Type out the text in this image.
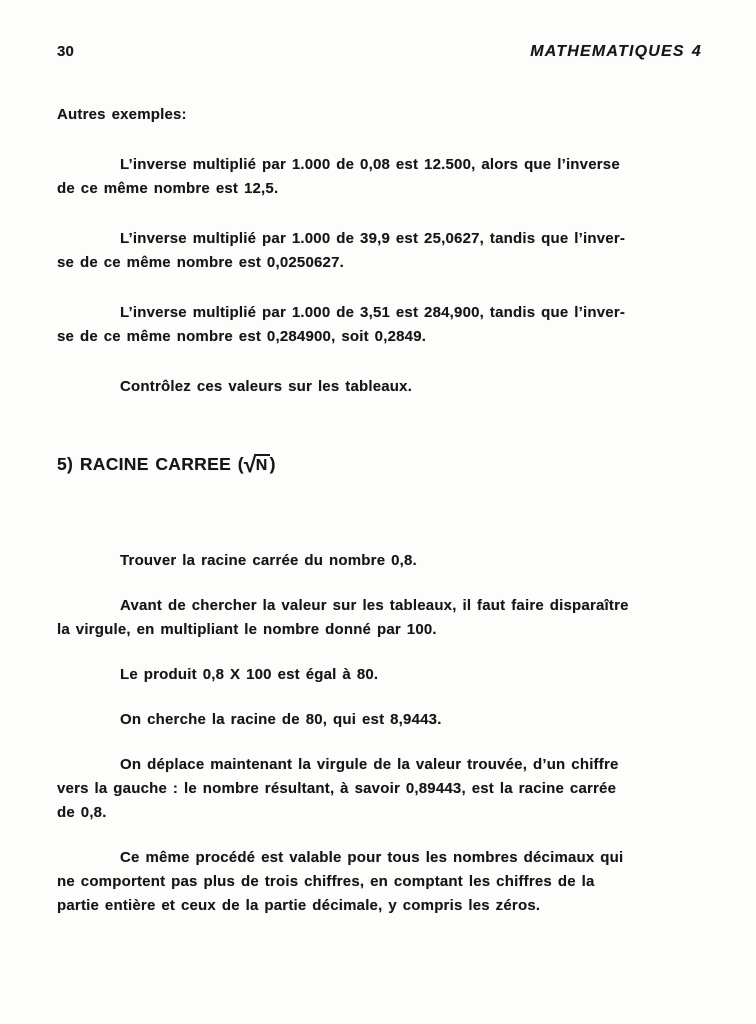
30	MATHEMATIQUES 4

Autres exemples:

L’inverse multiplié par 1.000 de 0,08 est 12.500, alors que l’inverse
de ce même nombre est 12,5.
L’inverse multiplié par 1.000 de 39,9 est 25,0627, tandis que l’inver-
se de ce même nombre est 0,0250627.
L’inverse multiplié par 1.000 de 3,51 est 284,900, tandis que l’inver-
se de ce même nombre est 0,284900, soit 0,2849.
Contrôlez ces valeurs sur les tableaux.
5) RACINE CARREE ( √ N )
Trouver la racine carrée du nombre 0,8.
Avant de chercher la valeur sur les tableaux, il faut faire disparaître
la virgule, en multipliant le nombre donné par 100.
Le produit 0,8 X 100 est égal à 80.
On cherche la racine de 80, qui est 8,9443.
On déplace maintenant la virgule de la valeur trouvée, d’un chiffre
vers la gauche : le nombre résultant, à savoir 0,89443, est la racine carrée
de 0,8.
Ce même procédé est valable pour tous les nombres décimaux qui
ne comportent pas plus de trois chiffres, en comptant les chiffres de la
partie entière et ceux de la partie décimale, y compris les zéros.
